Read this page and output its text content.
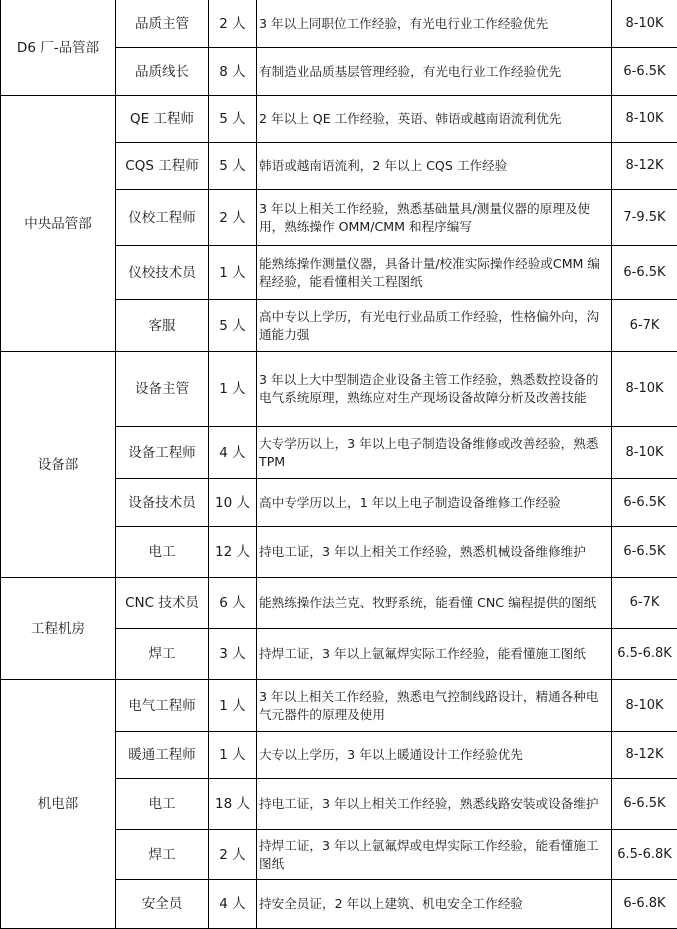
D6 厂-品管部	品质主管	2 人	3 年以上同职位工作经验，有光电行业工作经验优先	8-10K
	品质线长	8 人	有制造业品质基层管理经验，有光电行业工作经验优先	6-6.5K
中央品管部	QE 工程师	5 人	2 年以上 QE 工作经验，英语、韩语或越南语流利优先	8-10K
	CQS 工程师	5 人	韩语或越南语流利，2 年以上 CQS 工作经验	8-12K
	仪校工程师	2 人	3 年以上相关工作经验，熟悉基础量具/测量仪器的原理及使用，熟练操作 OMM/CMM 和程序编写	7-9.5K
	仪校技术员	1 人	能熟练操作测量仪器，具备计量/校准实际操作经验或CMM 编程经验，能看懂相关工程图纸	6-6.5K
	客服	5 人	高中专以上学历，有光电行业品质工作经验，性格偏外向，沟通能力强	6-7K
设备部	设备主管	1 人	3 年以上大中型制造企业设备主管工作经验，熟悉数控设备的电气系统原理，熟练应对生产现场设备故障分析及改善技能	8-10K
	设备工程师	4 人	大专学历以上，3 年以上电子制造设备维修或改善经验，熟悉 TPM	8-10K
	设备技术员	10 人	高中专学历以上，1 年以上电子制造设备维修工作经验	6-6.5K
	电工	12 人	持电工证，3 年以上相关工作经验，熟悉机械设备维修维护	6-6.5K
工程机房	CNC 技术员	6 人	能熟练操作法兰克、牧野系统，能看懂 CNC 编程提供的图纸	6-7K
	焊工	3 人	持焊工证，3 年以上氩氟焊实际工作经验，能看懂施工图纸	6.5-6.8K
机电部	电气工程师	1 人	3 年以上相关工作经验，熟悉电气控制线路设计，精通各种电气元器件的原理及使用	8-10K
	暖通工程师	1 人	大专以上学历，3 年以上暖通设计工作经验优先	8-12K
	电工	18 人	持电工证，3 年以上相关工作经验，熟悉线路安装或设备维护	6-6.5K
	焊工	2 人	持焊工证，3 年以上氩氟焊或电焊实际工作经验，能看懂施工图纸	6.5-6.8K
	安全员	4 人	持安全员证，2 年以上建筑、机电安全工作经验	6-6.8K
